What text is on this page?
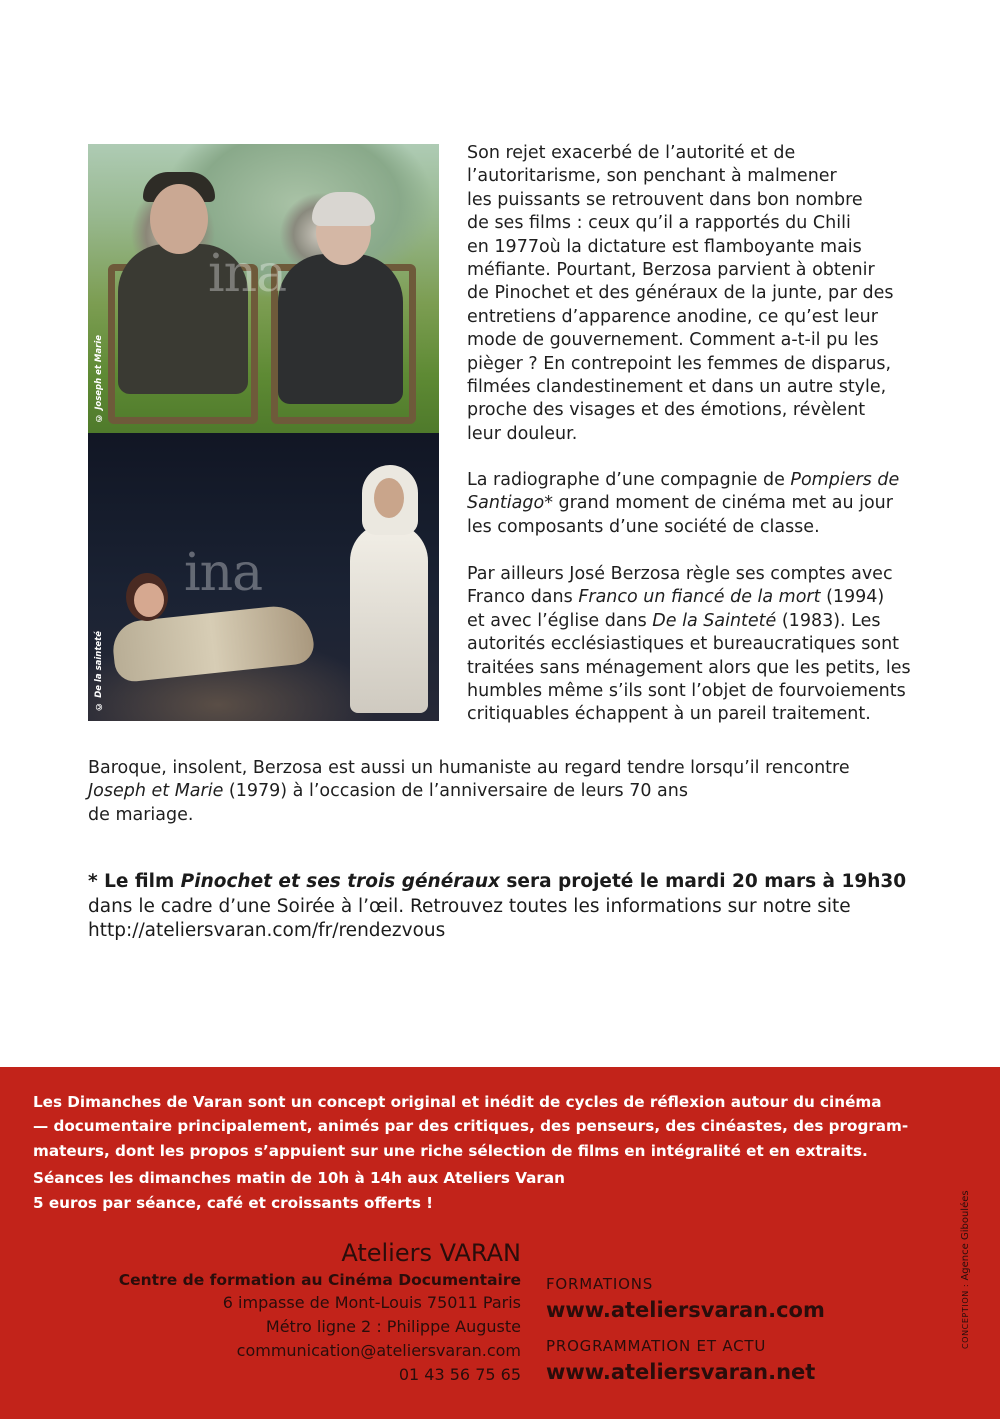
ina
© Joseph et Marie
ina
© De la sainteté
Son rejet exacerbé de l’autorité et de
l’autoritarisme, son penchant à malmener
les puissants se retrouvent dans bon nombre
de ses films : ceux qu’il a rapportés du Chili
en 1977où la dictature est flamboyante mais
méfiante. Pourtant, Berzosa parvient à obtenir
de Pinochet et des généraux de la junte, par des
entretiens d’apparence anodine, ce qu’est leur
mode de gouvernement. Comment a-t-il pu les
pièger ? En contrepoint les femmes de disparus,
filmées clandestinement et dans un autre style,
proche des visages et des émotions, révèlent
leur douleur.
La radiographe d’une compagnie de Pompiers de
Santiago* grand moment de cinéma met au jour
les composants d’une société de classe.
Par ailleurs José Berzosa règle ses comptes avec
Franco dans Franco un fiancé de la mort (1994)
et avec l’église dans De la Sainteté (1983). Les
autorités ecclésiastiques et bureaucratiques sont
traitées sans ménagement alors que les petits, les
humbles même s’ils sont l’objet de fourvoiements
critiquables échappent à un pareil traitement.
Baroque, insolent, Berzosa est aussi un humaniste au regard tendre lorsqu’il rencontre
Joseph et Marie (1979) à l’occasion de l’anniversaire de leurs 70 ans
de mariage.
* Le film Pinochet et ses trois généraux sera projeté le mardi 20 mars à 19h30
dans le cadre d’une Soirée à l’œil. Retrouvez toutes les informations sur notre site
http://ateliersvaran.com/fr/rendezvous
Les Dimanches de Varan sont un concept original et inédit de cycles de réflexion autour du cinéma
— documentaire principalement, animés par des critiques, des penseurs, des cinéastes, des program-
mateurs, dont les propos s’appuient sur une riche sélection de films en intégralité et en extraits.
Séances les dimanches matin de 10h à 14h aux Ateliers Varan
5 euros par séance, café et croissants offerts !
Ateliers VARAN
Centre de formation au Cinéma Documentaire
6 impasse de Mont-Louis 75011 Paris
Métro ligne 2 : Philippe Auguste
communication@ateliersvaran.com
01 43 56 75 65
FORMATIONS
www.ateliersvaran.com
PROGRAMMATION ET ACTU
www.ateliersvaran.net
CONCEPTION : Agence Giboulées
